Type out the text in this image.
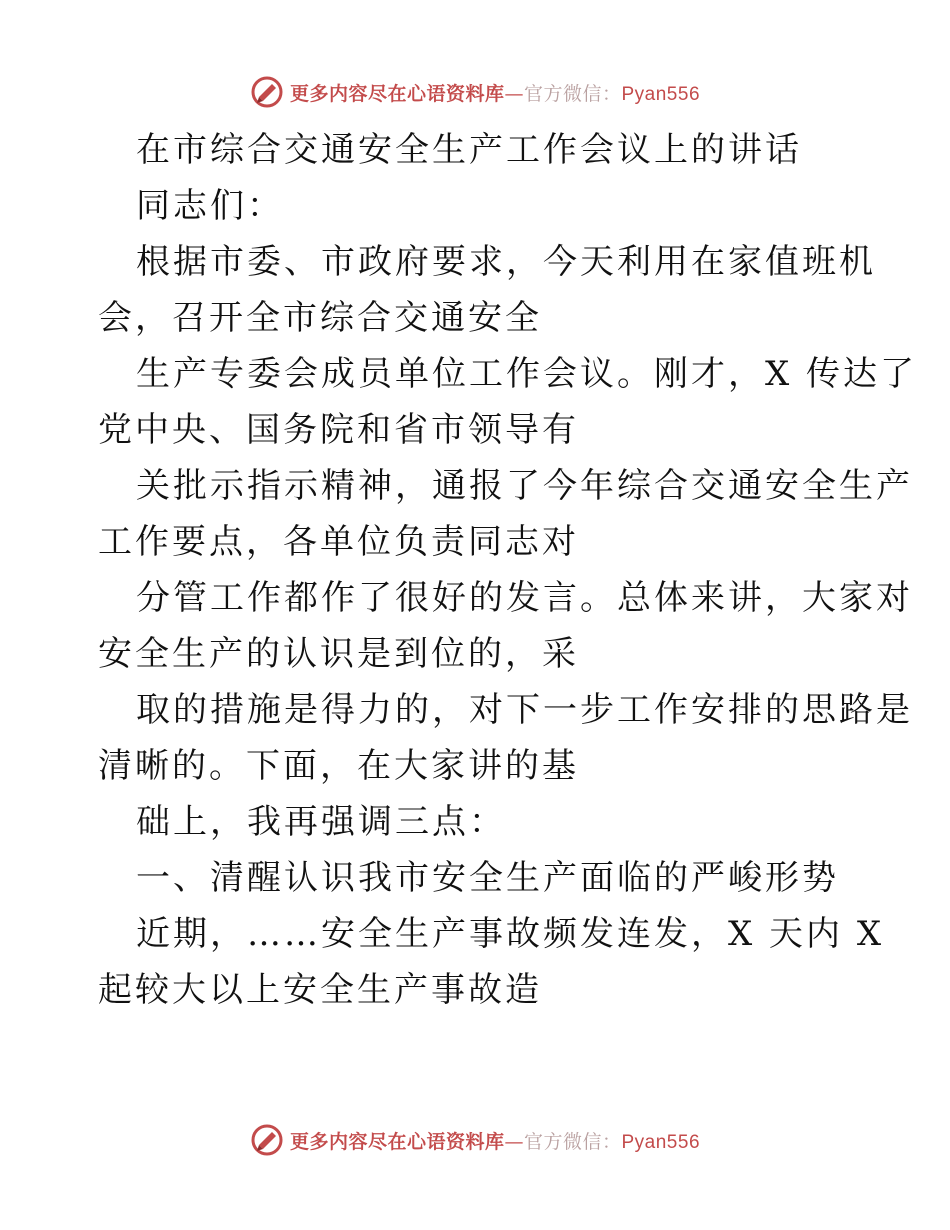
更多内容尽在心语资料库—官方微信：Pyan556
在市综合交通安全生产工作会议上的讲话
同志们：
根据市委、市政府要求，今天利用在家值班机
会，召开全市综合交通安全
生产专委会成员单位工作会议。刚才，X 传达了
党中央、国务院和省市领导有
关批示指示精神，通报了今年综合交通安全生产
工作要点，各单位负责同志对
分管工作都作了很好的发言。总体来讲，大家对
安全生产的认识是到位的，采
取的措施是得力的，对下一步工作安排的思路是
清晰的。下面，在大家讲的基
础上，我再强调三点：
一、清醒认识我市安全生产面临的严峻形势
近期，……安全生产事故频发连发，X 天内 X
起较大以上安全生产事故造
更多内容尽在心语资料库—官方微信：Pyan556
